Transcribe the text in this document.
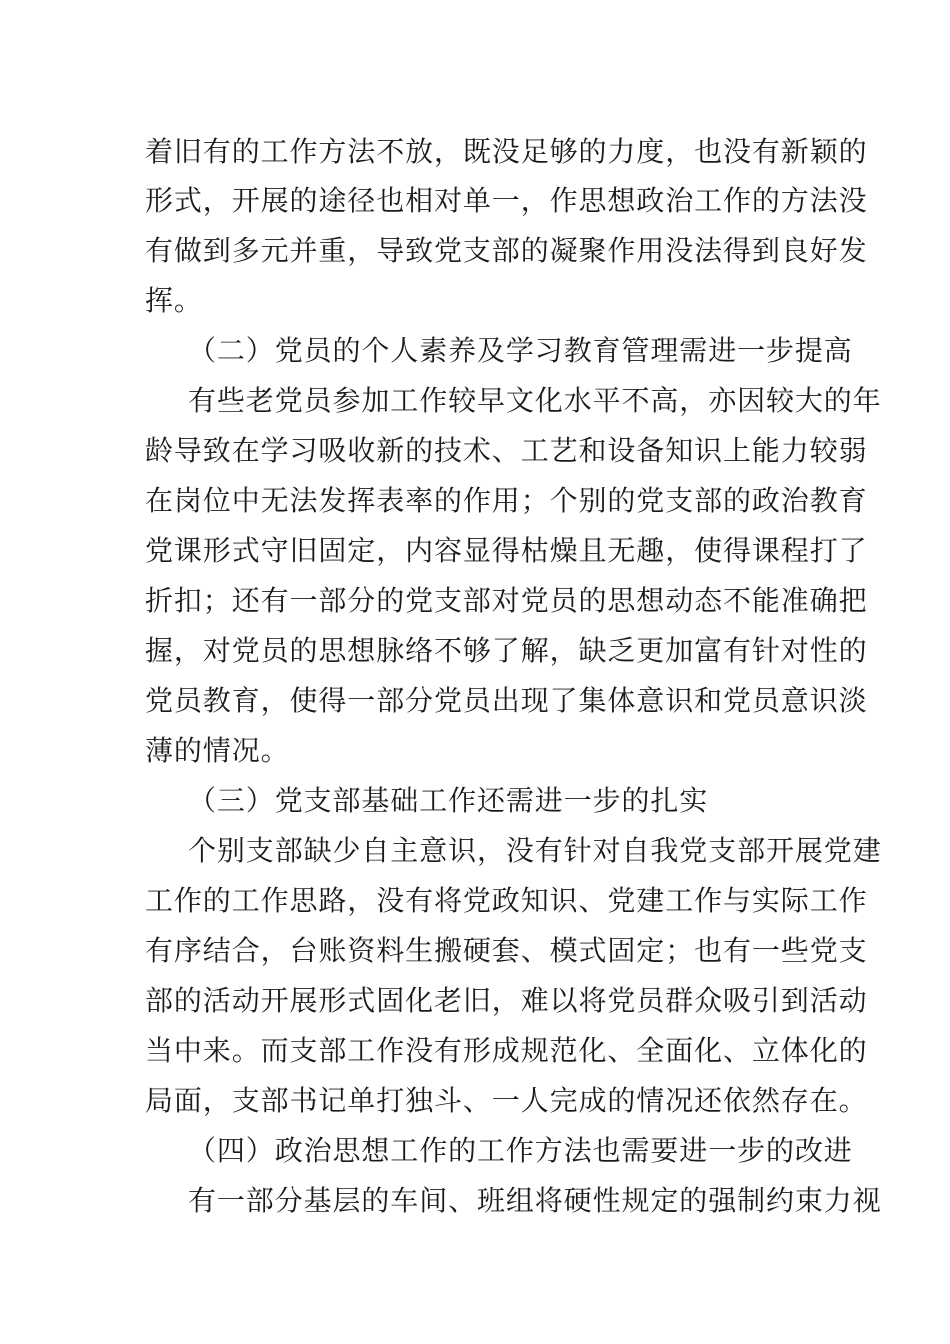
着旧有的工作方法不放，既没足够的力度，也没有新颖的
形式，开展的途径也相对单一，作思想政治工作的方法没
有做到多元并重，导致党支部的凝聚作用没法得到良好发
挥。
（二）党员的个人素养及学习教育管理需进一步提高
有些老党员参加工作较早文化水平不高，亦因较大的年
龄导致在学习吸收新的技术、工艺和设备知识上能力较弱
在岗位中无法发挥表率的作用；个别的党支部的政治教育
党课形式守旧固定，内容显得枯燥且无趣，使得课程打了
折扣；还有一部分的党支部对党员的思想动态不能准确把
握，对党员的思想脉络不够了解，缺乏更加富有针对性的
党员教育，使得一部分党员出现了集体意识和党员意识淡
薄的情况。
（三）党支部基础工作还需进一步的扎实
个别支部缺少自主意识，没有针对自我党支部开展党建
工作的工作思路，没有将党政知识、党建工作与实际工作
有序结合，台账资料生搬硬套、模式固定；也有一些党支
部的活动开展形式固化老旧，难以将党员群众吸引到活动
当中来。而支部工作没有形成规范化、全面化、立体化的
局面，支部书记单打独斗、一人完成的情况还依然存在。
（四）政治思想工作的工作方法也需要进一步的改进
有一部分基层的车间、班组将硬性规定的强制约束力视
